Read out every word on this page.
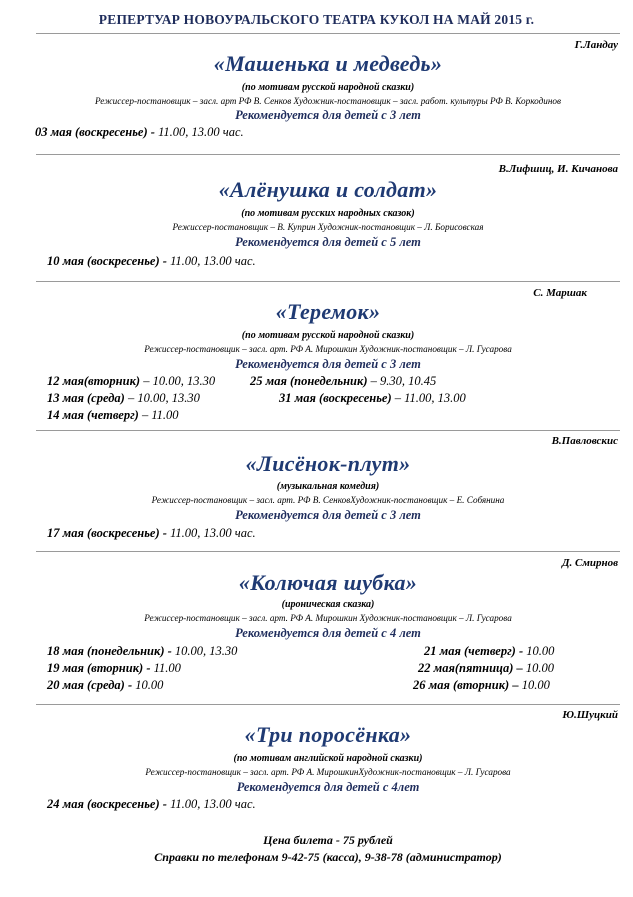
РЕПЕРТУАР НОВОУРАЛЬСКОГО ТЕАТРА КУКОЛ НА МАЙ 2015 г.
Г.Ландау
«Машенька и медведь»
(по мотивам русской народной сказки)
Режиссер-постановщик – засл. арт РФ В. Сенков Художник-постановщик – засл. работ. культуры РФ В. Коркодинов
Рекомендуется для детей с 3 лет
03 мая (воскресенье) - 11.00, 13.00 час.
В.Лифшиц, И. Кичанова
«Алёнушка и солдат»
(по мотивам русских народных сказок)
Режиссер-постановщик – В. Куприн Художник-постановщик – Л. Борисовская
Рекомендуется для детей с 5 лет
10 мая (воскресенье) - 11.00, 13.00 час.
С. Маршак
«Теремок»
(по мотивам русской народной сказки)
Режиссер-постановщик – засл. арт. РФ А. Мирошкин Художник-постановщик – Л. Гусарова
Рекомендуется для детей с 3 лет
12 мая(вторник) – 10.00, 13.30	25 мая (понедельник) – 9.30, 10.45
13 мая (среда) – 10.00, 13.30	31 мая (воскресенье) – 11.00, 13.00
14 мая (четверг) – 11.00
В.Павловскис
«Лисёнок-плут»
(музыкальная комедия)
Режиссер-постановщик – засл. арт. РФ В. СенковХудожник-постановщик – Е. Собянина
Рекомендуется для детей с 3 лет
17 мая (воскресенье) - 11.00, 13.00 час.
Д. Смирнов
«Колючая шубка»
(ироническая сказка)
Режиссер-постановщик – засл. арт. РФ А. Мирошкин Художник-постановщик – Л. Гусарова
Рекомендуется для детей с 4 лет
18 мая (понедельник) - 10.00, 13.30	21 мая (четверг) - 10.00
19 мая (вторник) - 11.00	22 мая(пятница) – 10.00
20 мая (среда) - 10.00	26 мая (вторник) – 10.00
Ю.Шуцкий
«Три поросёнка»
(по мотивам английской народной сказки)
Режиссер-постановщик – засл. арт. РФ А. МирошкинХудожник-постановщик – Л. Гусарова
Рекомендуется для детей с 4лет
24 мая (воскресенье) - 11.00, 13.00 час.
Цена билета - 75 рублей
Справки по телефонам 9-42-75 (касса), 9-38-78 (администратор)
